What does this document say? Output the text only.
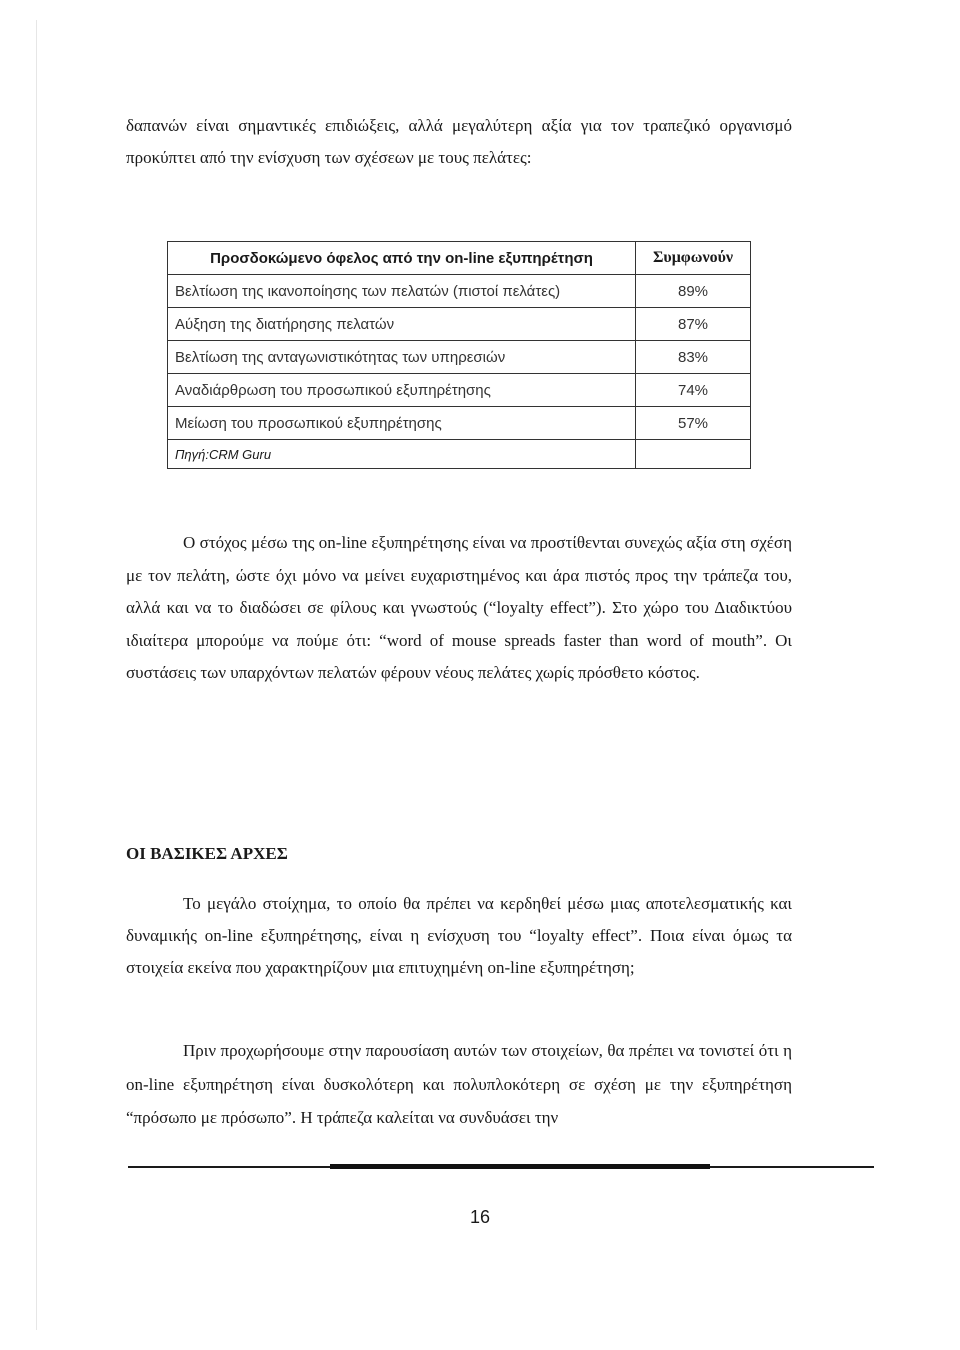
δαπανών είναι σημαντικές επιδιώξεις, αλλά μεγαλύτερη αξία για τον τραπεζικό οργανισμό προκύπτει από την ενίσχυση των σχέσεων με τους πελάτες:

Προσδοκώμενο όφελος από την on-line εξυπηρέτηση	Συμφωνούν
Βελτίωση της ικανοποίησης των πελατών (πιστοί πελάτες)	89%
Αύξηση της διατήρησης πελατών	87%
Βελτίωση της ανταγωνιστικότητας των υπηρεσιών	83%
Αναδιάρθρωση του προσωπικού εξυπηρέτησης	74%
Μείωση του προσωπικού εξυπηρέτησης	57%
Πηγή:CRM Guru	

Ο στόχος μέσω της on-line εξυπηρέτησης είναι να προστίθενται συνεχώς αξία στη σχέση με τον πελάτη, ώστε όχι μόνο να μείνει ευχαριστημένος και άρα πιστός προς την τράπεζα του, αλλά και να το διαδώσει σε φίλους και γνωστούς (“loyalty effect”). Στο χώρο του Διαδικτύου ιδιαίτερα μπορούμε να πούμε ότι: “word of mouse spreads faster than word of mouth”. Οι συστάσεις των υπαρχόντων πελατών φέρουν νέους πελάτες χωρίς πρόσθετο κόστος.

ΟΙ ΒΑΣΙΚΕΣ ΑΡΧΕΣ

Το μεγάλο στοίχημα, το οποίο θα πρέπει να κερδηθεί μέσω μιας αποτελεσματικής και δυναμικής on-line εξυπηρέτησης, είναι η ενίσχυση του “loyalty effect”. Ποια είναι όμως τα στοιχεία εκείνα που χαρακτηρίζουν μια επιτυχημένη on-line εξυπηρέτηση;

Πριν προχωρήσουμε στην παρουσίαση αυτών των στοιχείων, θα πρέπει να τονιστεί ότι η on-line εξυπηρέτηση είναι δυσκολότερη και πολυπλοκότερη σε σχέση με την εξυπηρέτηση “πρόσωπο με πρόσωπο”. Η τράπεζα καλείται να συνδυάσει την

16
